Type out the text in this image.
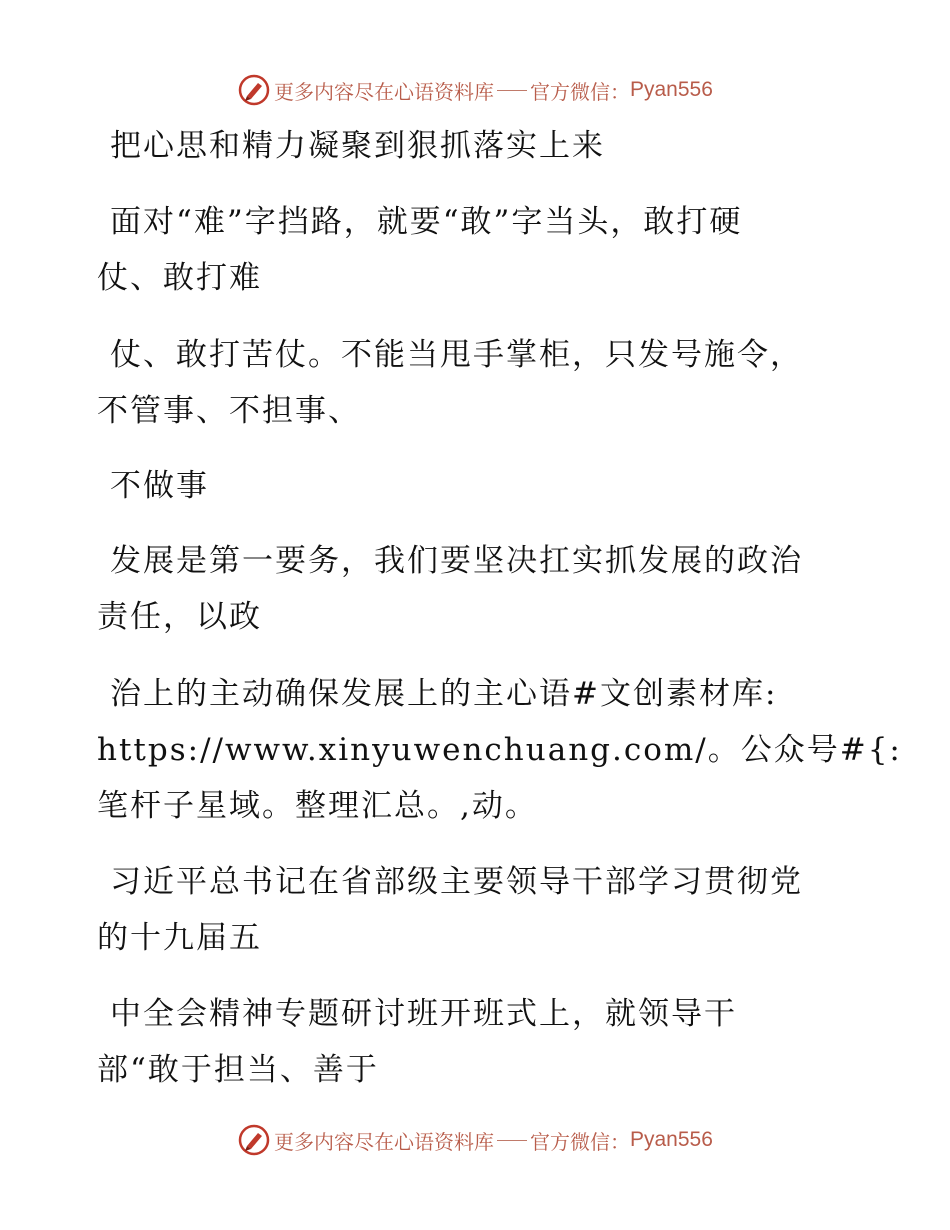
更多内容尽在心语资料库 官方微信： Pyan556
把心思和精力凝聚到狠抓落实上来
面对“难”字挡路，就要“敢”字当头，敢打硬
仗、敢打难
仗、敢打苦仗。不能当甩手掌柜，只发号施令，
不管事、不担事、
不做事
发展是第一要务，我们要坚决扛实抓发展的政治
责任，以政
治上的主动确保发展上的主心语#文创素材库:
https://www.xinyuwenchuang.com/。公众号#{:
笔杆子星域。整理汇总。,动。
习近平总书记在省部级主要领导干部学习贯彻党
的十九届五
中全会精神专题研讨班开班式上，就领导干
部“敢于担当、善于
更多内容尽在心语资料库 官方微信： Pyan556
